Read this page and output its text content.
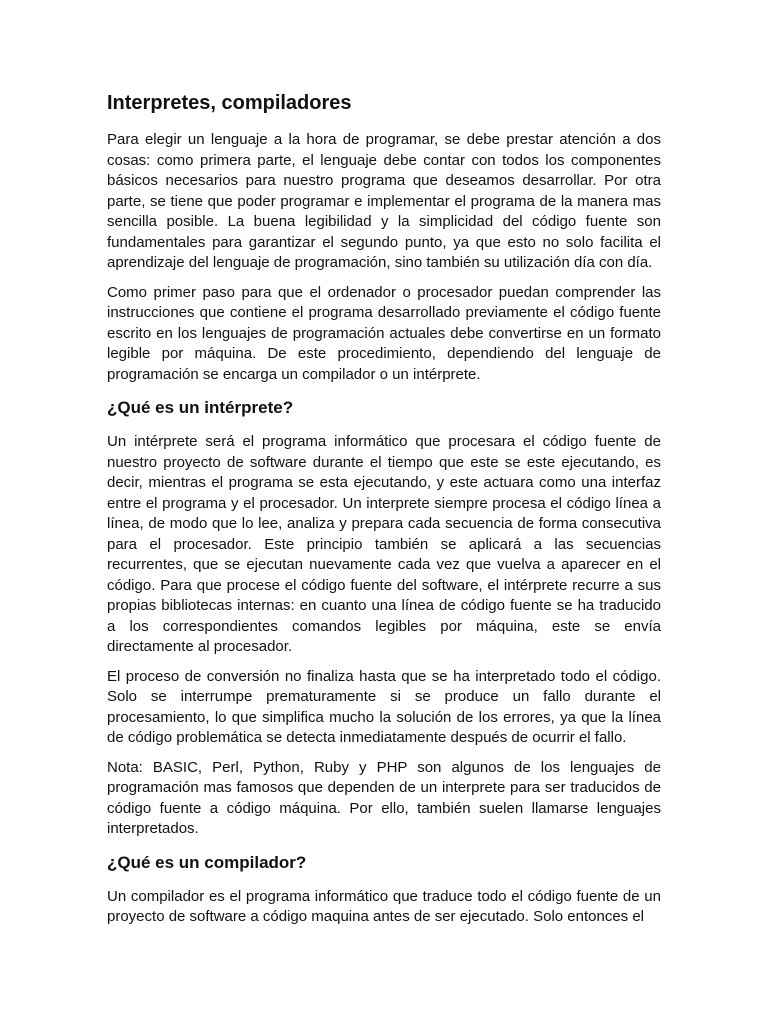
Interpretes, compiladores

Para elegir un lenguaje a la hora de programar, se debe prestar atención a dos cosas: como primera parte, el lenguaje debe contar con todos los componentes básicos necesarios para nuestro programa que deseamos desarrollar. Por otra parte, se tiene que poder programar e implementar el programa de la manera mas sencilla posible. La buena legibilidad y la simplicidad del código fuente son fundamentales para garantizar el segundo punto, ya que esto no solo facilita el aprendizaje del lenguaje de programación, sino también su utilización día con día.

Como primer paso para que el ordenador o procesador puedan comprender las instrucciones que contiene el programa desarrollado previamente el código fuente escrito en los lenguajes de programación actuales debe convertirse en un formato legible por máquina. De este procedimiento, dependiendo del lenguaje de programación se encarga un compilador o un intérprete.

¿Qué es un intérprete?

Un intérprete será el programa informático que procesara el código fuente de nuestro proyecto de software durante el tiempo que este se este ejecutando, es decir, mientras el programa se esta ejecutando, y este actuara como una interfaz entre el programa y el procesador. Un interprete siempre procesa el código línea a línea, de modo que lo lee, analiza y prepara cada secuencia de forma consecutiva para el procesador. Este principio también se aplicará a las secuencias recurrentes, que se ejecutan nuevamente cada vez que vuelva a aparecer en el código. Para que procese el código fuente del software, el intérprete recurre a sus propias bibliotecas internas: en cuanto una línea de código fuente se ha traducido a los correspondientes comandos legibles por máquina, este se envía directamente al procesador.

El proceso de conversión no finaliza hasta que se ha interpretado todo el código. Solo se interrumpe prematuramente si se produce un fallo durante el procesamiento, lo que simplifica mucho la solución de los errores, ya que la línea de código problemática se detecta inmediatamente después de ocurrir el fallo.

Nota: BASIC, Perl, Python, Ruby y PHP son algunos de los lenguajes de programación mas famosos que dependen de un interprete para ser traducidos de código fuente a código máquina. Por ello, también suelen llamarse lenguajes interpretados.

¿Qué es un compilador?

Un compilador es el programa informático que traduce todo el código fuente de un proyecto de software a código maquina antes de ser ejecutado. Solo entonces el
